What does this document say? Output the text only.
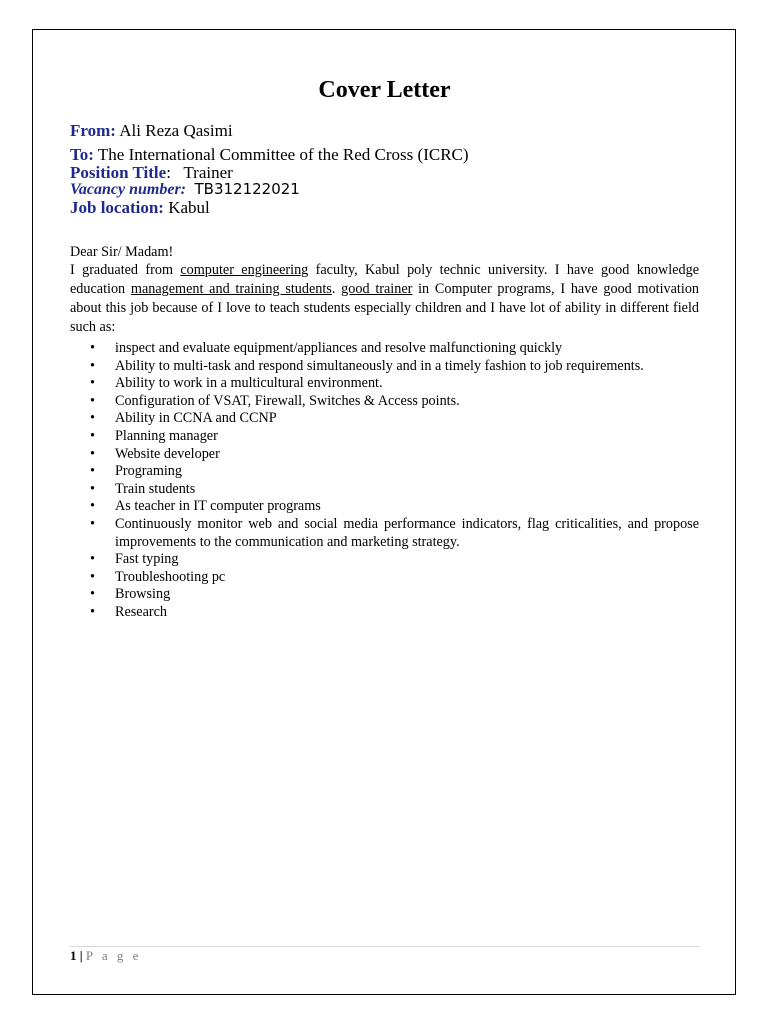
Cover Letter
From: Ali Reza Qasimi
To: The International Committee of the Red Cross (ICRC)
Position Title: Trainer
Vacancy number: TB312122021
Job location: Kabul
Dear Sir/ Madam!

I graduated from computer engineering faculty, Kabul poly technic university. I have good knowledge education management and training students. good trainer in Computer programs, I have good motivation about this job because of I love to teach students especially children and I have lot of ability in different field such as:

• inspect and evaluate equipment/appliances and resolve malfunctioning quickly
• Ability to multi-task and respond simultaneously and in a timely fashion to job requirements.
• Ability to work in a multicultural environment.
• Configuration of VSAT, Firewall, Switches & Access points.
• Ability in CCNA and CCNP
• Planning manager
• Website developer
• Programing
• Train students
• As teacher in IT computer programs
• Continuously monitor web and social media performance indicators, flag criticalities, and propose improvements to the communication and marketing strategy.
• Fast typing
• Troubleshooting pc
• Browsing
• Research
1 | P a g e
